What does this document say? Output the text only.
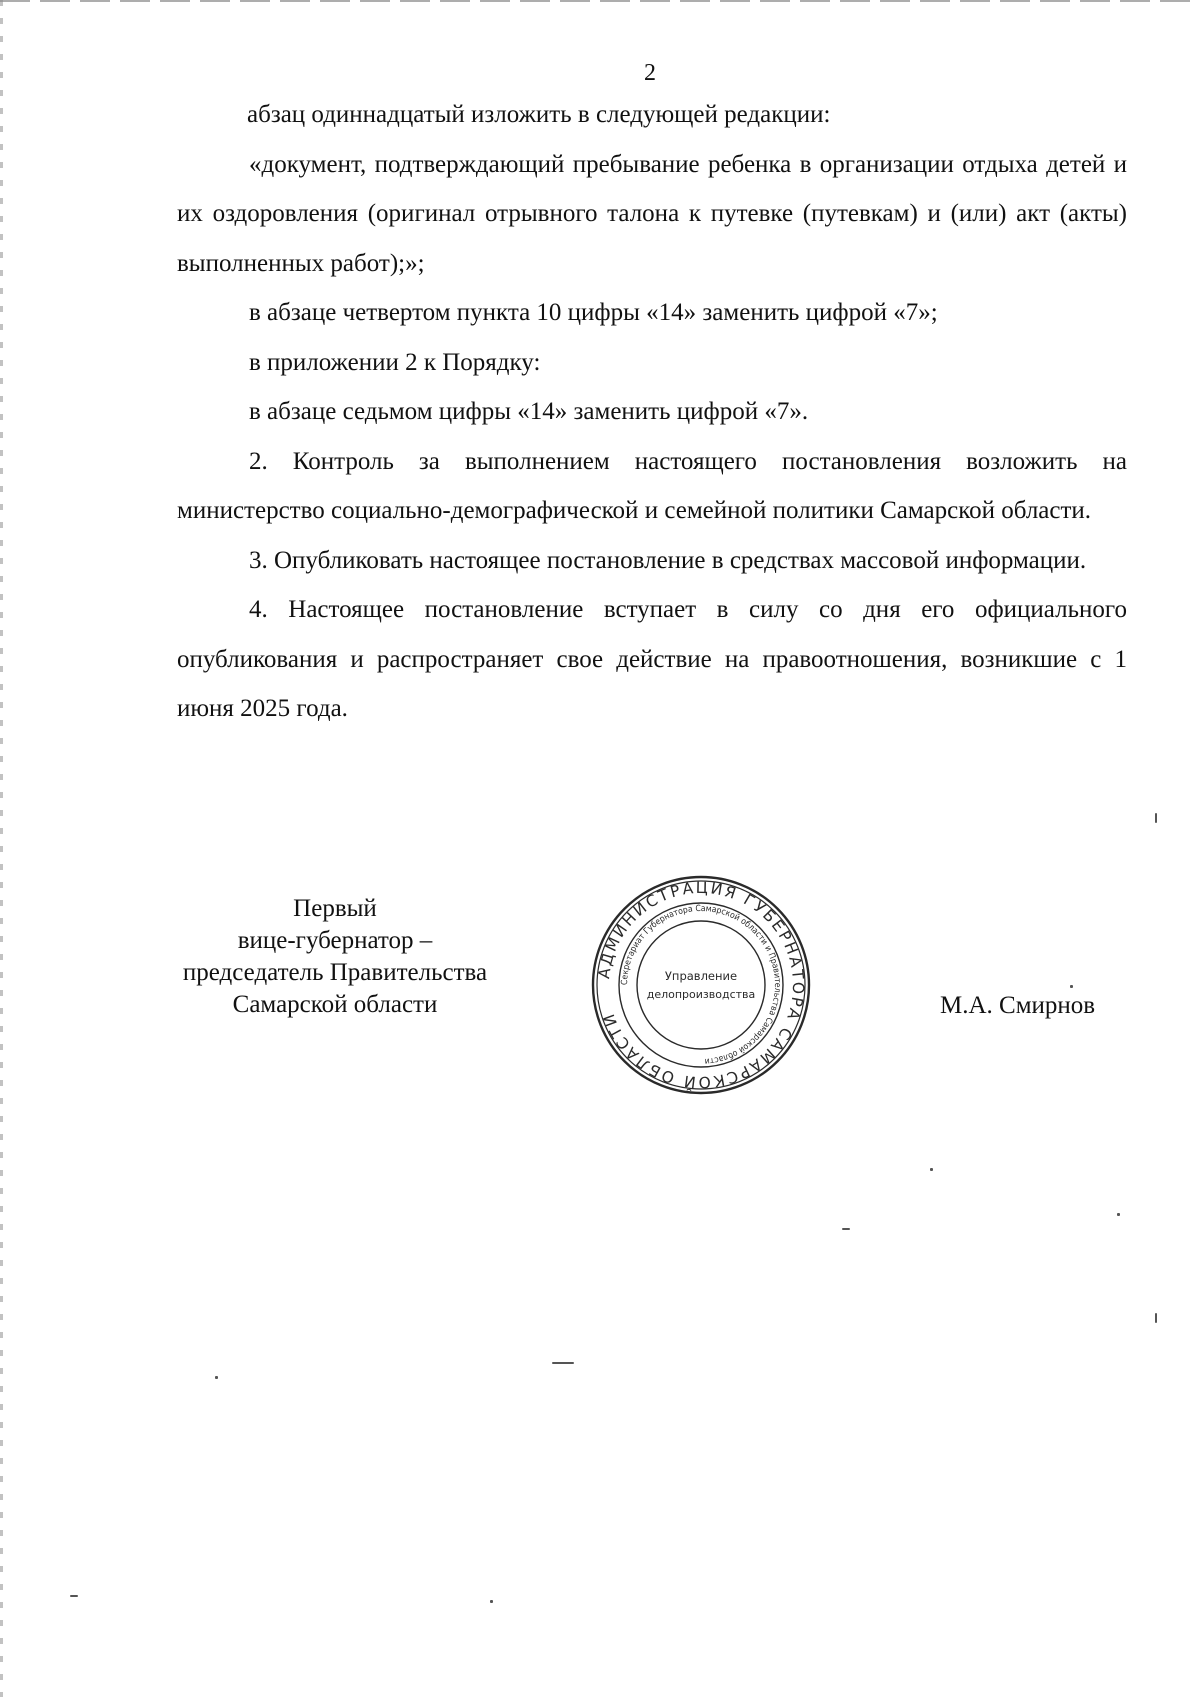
2

абзац одиннадцатый изложить в следующей редакции:

«документ, подтверждающий пребывание ребенка в организации отдыха детей и их оздоровления (оригинал отрывного талона к путевке (путевкам) и (или) акт (акты) выполненных работ);»;

в абзаце четвертом пункта 10 цифры «14» заменить цифрой «7»;

в приложении 2 к Порядку:

в абзаце седьмом цифры «14» заменить цифрой «7».

2. Контроль за выполнением настоящего постановления возложить на министерство социально-демографической и семейной политики Самарской области.

3. Опубликовать настоящее постановление в средствах массовой информации.

4. Настоящее постановление вступает в силу со дня его официального опубликования и распространяет свое действие на правоотношения, возникшие с 1 июня 2025 года.

Первый
вице-губернатор –
председатель Правительства
Самарской области	М.А. Смирнов
АДМИНИСТРАЦИЯ ГУБЕРНАТОРА САМАРСКОЙ ОБЛАСТИ
Секретариат Губернатора Самарской области и Правительства Самарской области
Управление
делопроизводства
